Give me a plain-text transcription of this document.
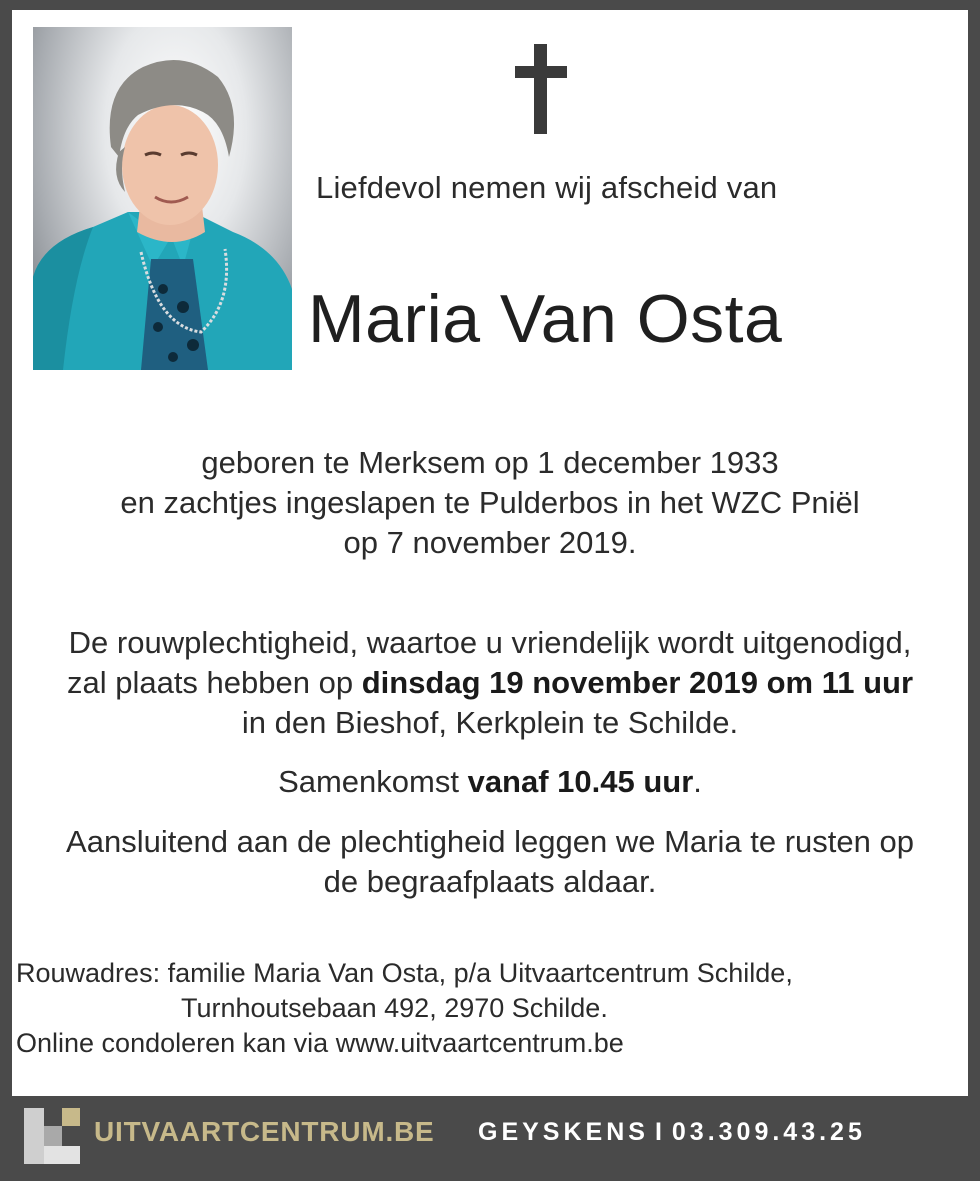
Liefdevol nemen wij afscheid van
Maria Van Osta
geboren te Merksem op 1 december 1933
en zachtjes ingeslapen te Pulderbos in het WZC Pniël
op 7 november 2019.
De rouwplechtigheid, waartoe u vriendelijk wordt uitgenodigd,
zal plaats hebben op dinsdag 19 november 2019 om 11 uur
in den Bieshof, Kerkplein te Schilde.
Samenkomst vanaf 10.45 uur.
Aansluitend aan de plechtigheid leggen we Maria te rusten op
de begraafplaats aldaar.
Rouwadres: familie Maria Van Osta, p/a Uitvaartcentrum Schilde,
Turnhoutsebaan 492, 2970 Schilde.
Online condoleren kan via www.uitvaartcentrum.be
UITVAARTCENTRUM.BE GEYSKENS I 03.309.43.25
